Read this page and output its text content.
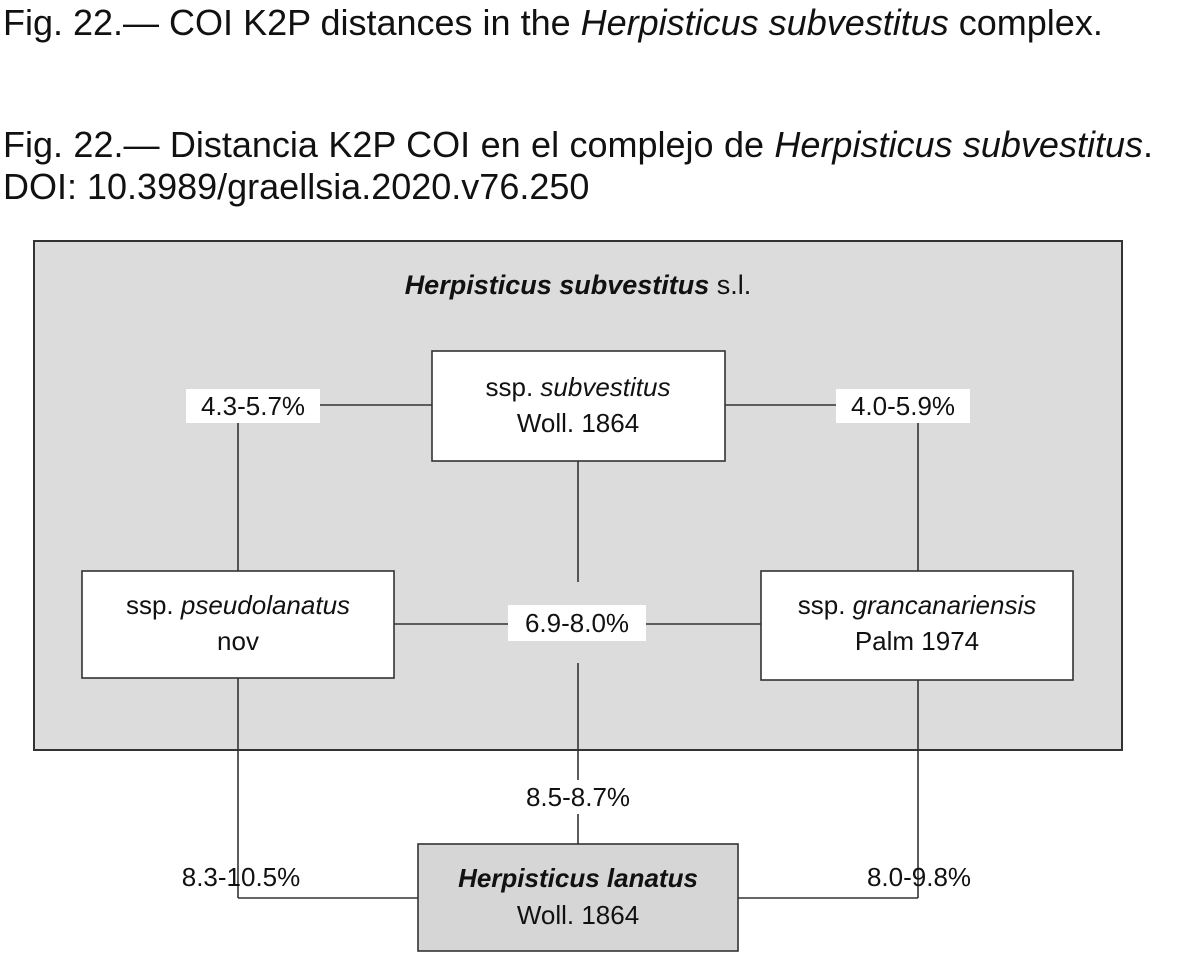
Fig. 22.— COI K2P distances in the Herpisticus subvestitus complex.
Fig. 22.— Distancia K2P COI en el complejo de Herpisticus subvestitus. DOI: 10.3989/graellsia.2020.v76.250
Herpisticus subvestitus s.l.
ssp. subvestitus
Woll. 1864
ssp. pseudolanatus
nov
ssp. grancanariensis
Palm 1974
Herpisticus lanatus
Woll. 1864
4.3-5.7%	4.0-5.9%
6.9-8.0%
8.5-8.7%
8.3-10.5%	8.0-9.8%
